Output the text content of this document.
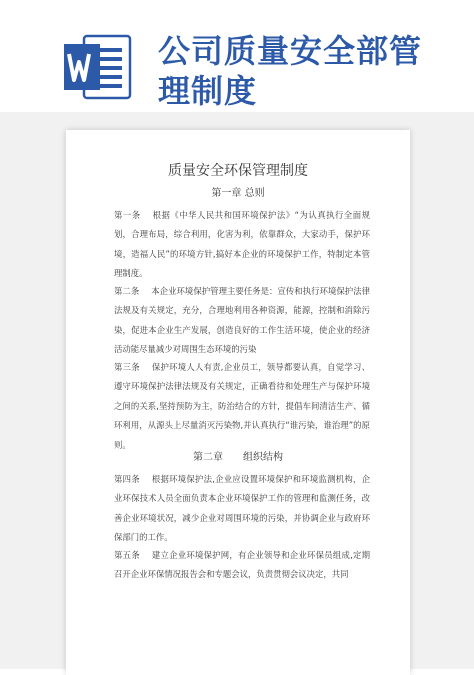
公司质量安全部管
理制度
质量安全环保管理制度
第一章 总则
第一条 根据《中华人民共和国环境保护法》“为认真执行全面规划，合理布局，综合利用，化害为利，依靠群众，大家动手，保护环境，造福人民”的环境方针,搞好本企业的环境保护工作，特制定本管理制度。
第二条 本企业环境保护管理主要任务是：宣传和执行环境保护法律法规及有关规定，充分，合理地利用各种资源，能源，控制和消除污染，促进本企业生产发展，创造良好的工作生活环境，使企业的经济活动能尽量减少对周围生态环境的污染
第三条 保护环境人人有责,企业员工，领导都要认真，自觉学习、遵守环境保护法律法规及有关规定，正确看待和处理生产与保护环境之间的关系,坚持预防为主，防治结合的方针，提倡车间清洁生产、循环利用，从源头上尽量消灭污染物,并认真执行“谁污染，谁治理”的原则。
第二章　　组织结构
第四条 根据环境保护法,企业应设置环境保护和环境监测机构，企业环保技术人员全面负责本企业环境保护工作的管理和监测任务，改善企业环境状况，减少企业对周围环境的污染，并协调企业与政府环保部门的工作。
第五条 建立企业环境保护网，有企业领导和企业环保员组成,定期召开企业环保情况报告会和专题会议，负责贯彻会议决定，共同
